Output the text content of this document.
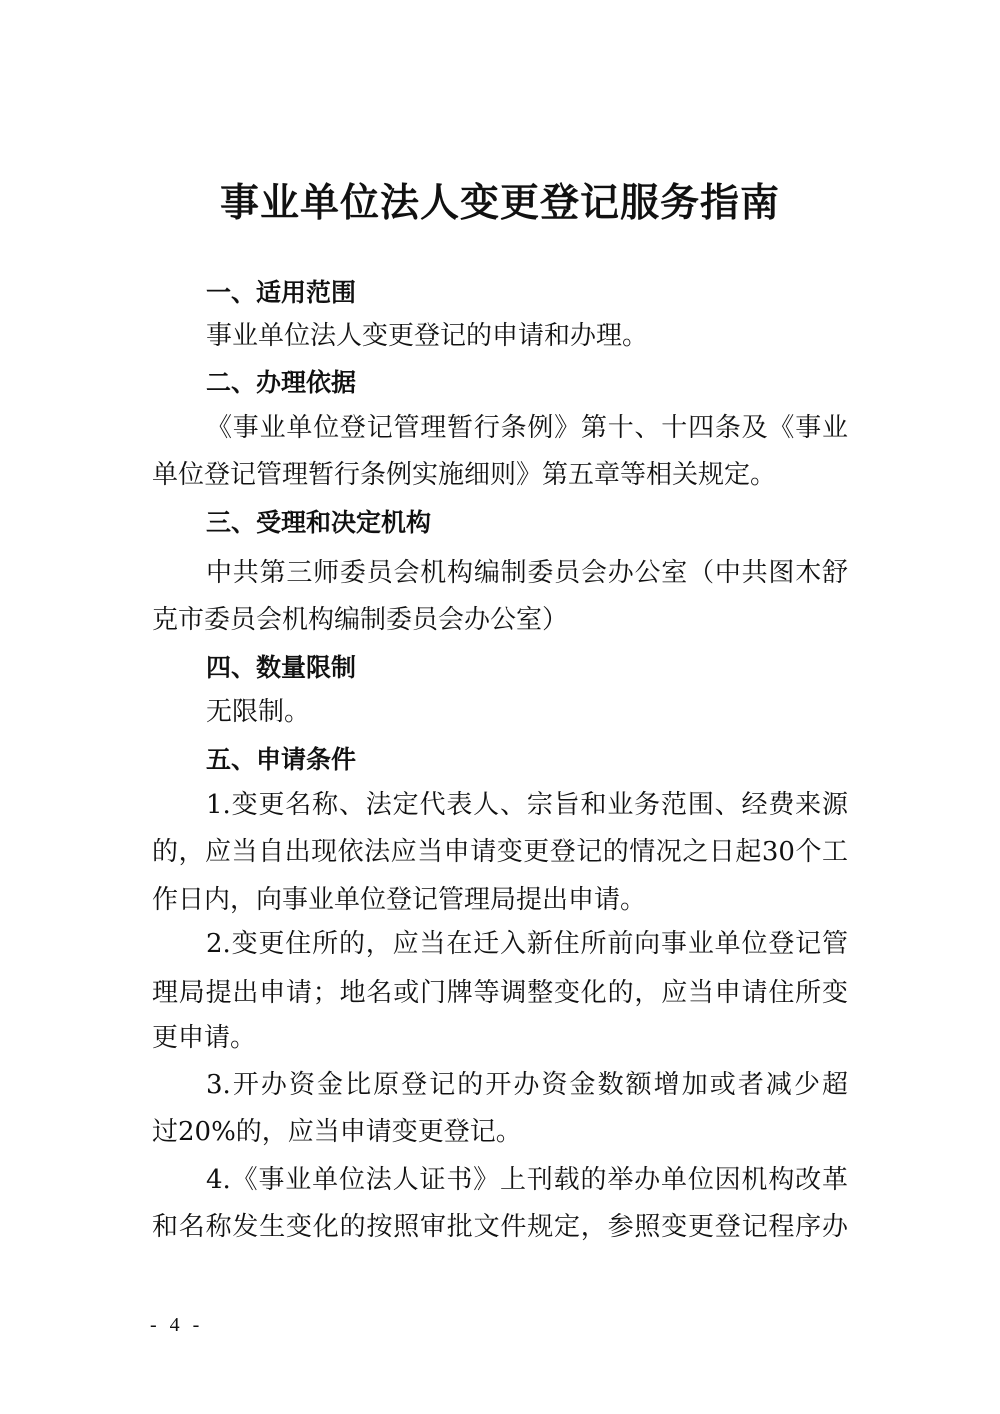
事业单位法人变更登记服务指南
一、适用范围
事业单位法人变更登记的申请和办理。
二、办理依据
《事业单位登记管理暂行条例》第十、十四条及《事业
单位登记管理暂行条例实施细则》第五章等相关规定。
三、受理和决定机构
中共第三师委员会机构编制委员会办公室（中共图木舒
克市委员会机构编制委员会办公室）
四、数量限制
无限制。
五、申请条件
1.变更名称、法定代表人、宗旨和业务范围、经费来源
的，应当自出现依法应当申请变更登记的情况之日起30个工
作日内，向事业单位登记管理局提出申请。
2.变更住所的，应当在迁入新住所前向事业单位登记管
理局提出申请；地名或门牌等调整变化的，应当申请住所变
更申请。
3.开办资金比原登记的开办资金数额增加或者减少超
过20%的，应当申请变更登记。
4.《事业单位法人证书》上刊载的举办单位因机构改革
和名称发生变化的按照审批文件规定，参照变更登记程序办
- 4 -
